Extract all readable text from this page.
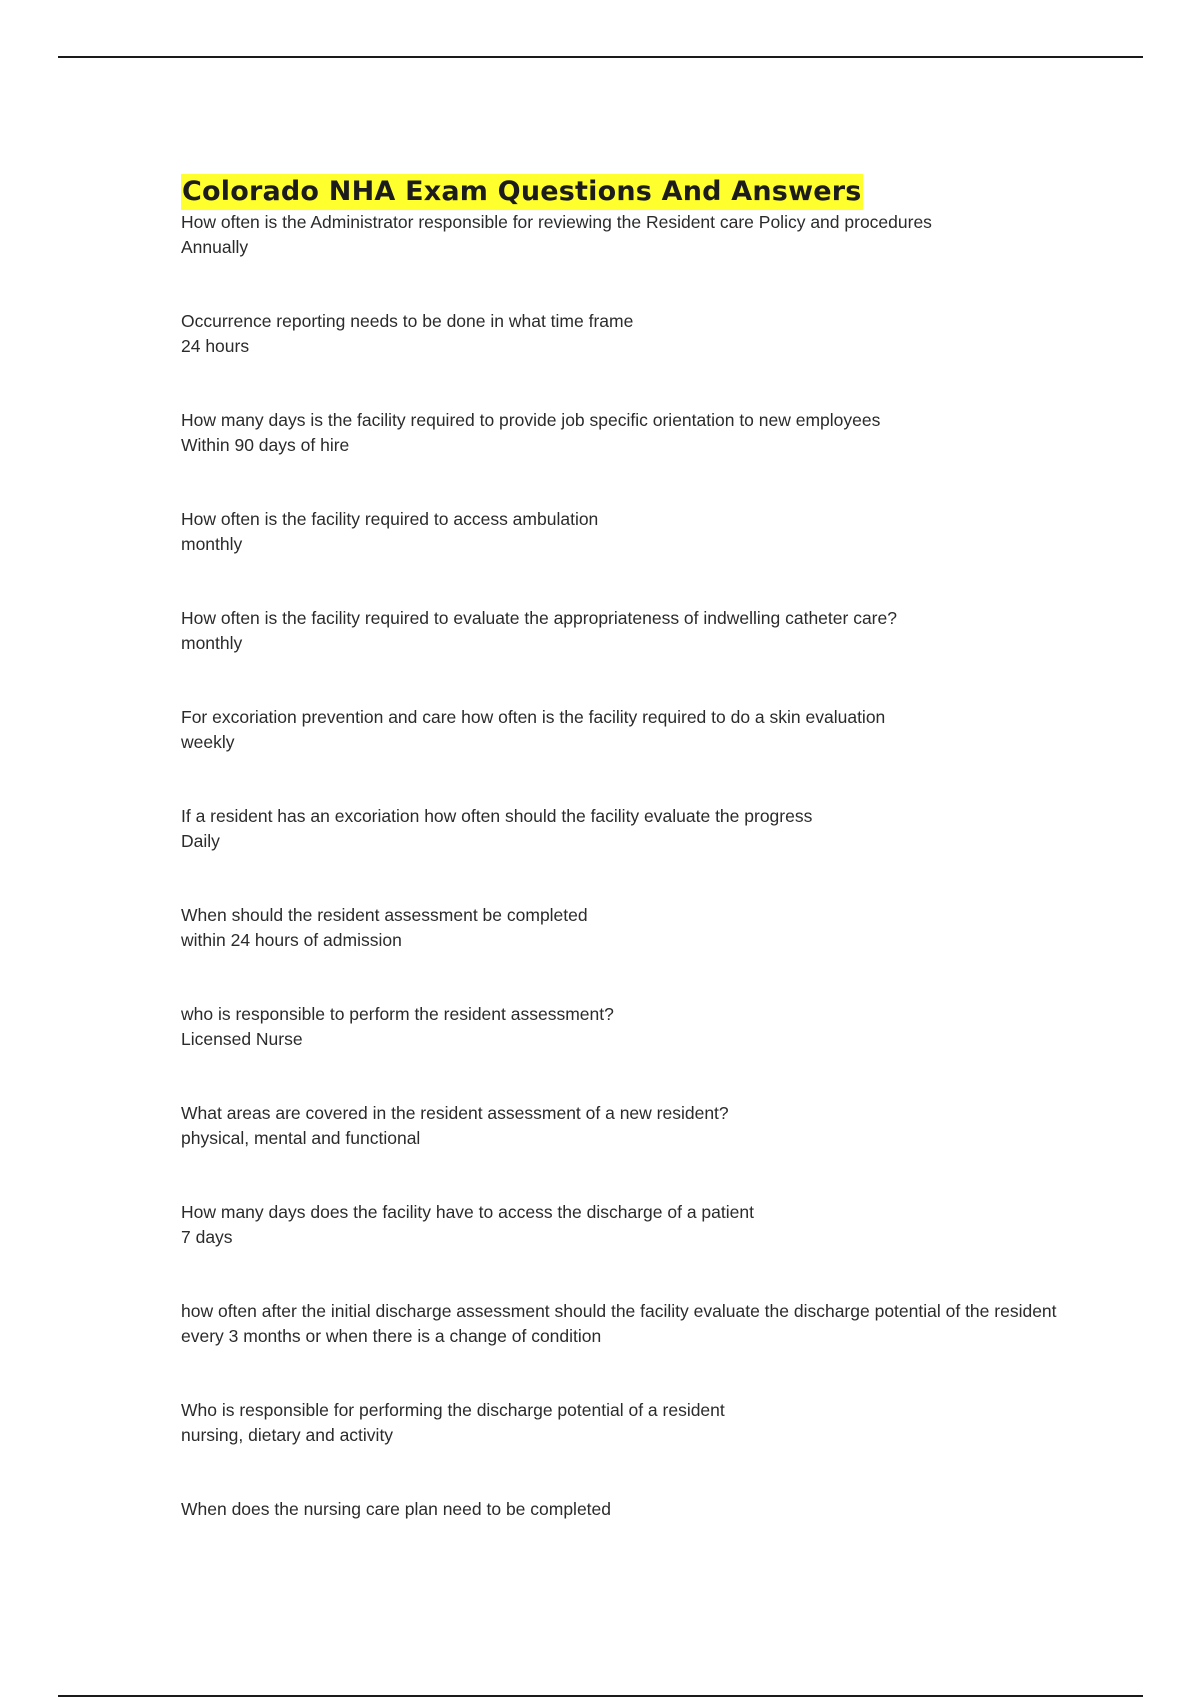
Colorado NHA Exam Questions And Answers
How often is the Administrator responsible for reviewing the Resident care Policy and procedures
Annually
Occurrence reporting needs to be done in what time frame
24 hours
How many days is the facility required to provide job specific orientation to new employees
Within 90 days of hire
How often is the facility required to access ambulation
monthly
How often is the facility required to evaluate the appropriateness of indwelling catheter care?
monthly
For excoriation prevention and care how often is the facility required to do a skin evaluation
weekly
If a resident has an excoriation how often should the facility evaluate the progress
Daily
When should the resident assessment be completed
within 24 hours of admission
who is responsible to perform the resident assessment?
Licensed Nurse
What areas are covered in the resident assessment of a new resident?
physical, mental and functional
How many days does the facility have to access the discharge of a patient
7 days
how often after the initial discharge assessment should the facility evaluate the discharge potential of the resident
every 3 months or when there is a change of condition
Who is responsible for performing the discharge potential of a resident
nursing, dietary and activity
When does the nursing care plan need to be completed
